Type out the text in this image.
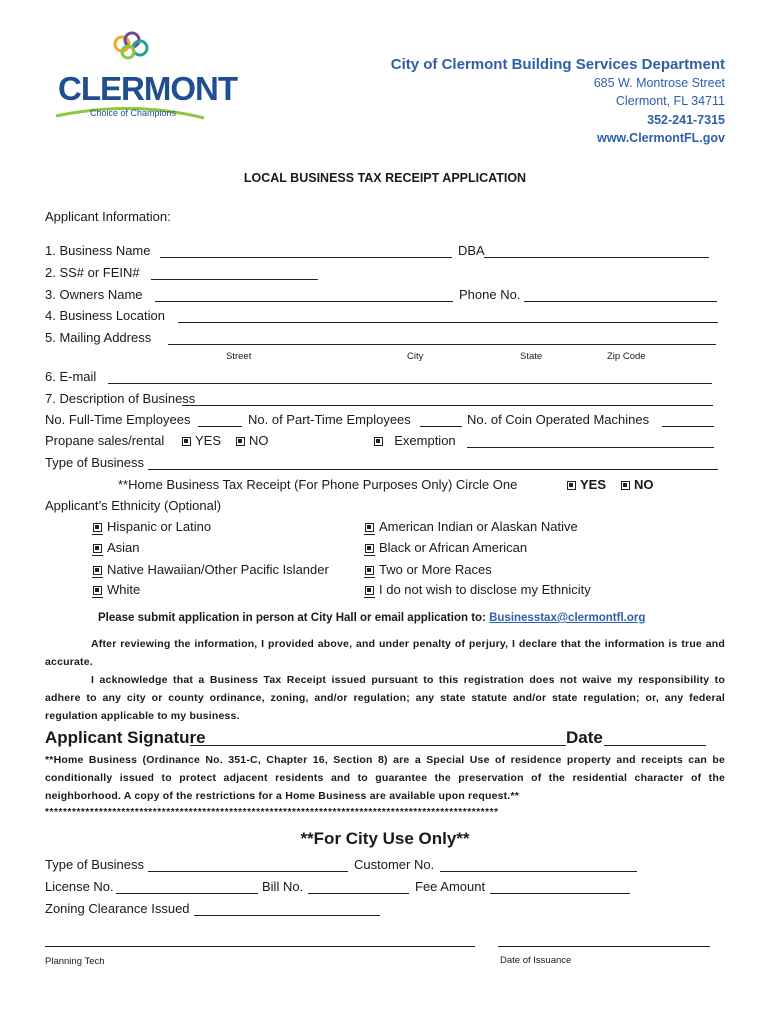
CLERMONT
Choice of Champions
City of Clermont Building Services Department
685 W. Montrose Street
Clermont, FL 34711
352-241-7315
www.ClermontFL.gov
LOCAL BUSINESS TAX RECEIPT APPLICATION
Applicant Information:
1. Business Name	DBA
2. SS# or FEIN#
3. Owners Name	Phone No.
4. Business Location
5. Mailing Address
Street	City	State	Zip Code
6. E-mail
7. Description of Business
No. Full-Time Employees	No. of Part-Time Employees	No. of Coin Operated Machines
Propane sales/rental	YES	NO	Exemption
Type of Business
**Home Business Tax Receipt (For Phone Purposes Only) Circle One	YES	NO
Applicant’s Ethnicity (Optional)
Hispanic or Latino
Asian
Native Hawaiian/Other Pacific Islander
White
American Indian or Alaskan Native
Black or African American
Two or More Races
I do not wish to disclose my Ethnicity
Please submit application in person at City Hall or email application to: Businesstax@clermontfl.org
After reviewing the information, I provided above, and under penalty of perjury, I declare that the information is true and accurate.
I acknowledge that a Business Tax Receipt issued pursuant to this registration does not waive my responsibility to adhere to any city or county ordinance, zoning, and/or regulation; any state statute and/or state regulation; or, any federal regulation applicable to my business.
Applicant Signature	Date
**Home Business (Ordinance No. 351-C, Chapter 16, Section 8) are a Special Use of residence property and receipts can be conditionally issued to protect adjacent residents and to guarantee the preservation of the residential character of the neighborhood. A copy of the restrictions for a Home Business are available upon request.**
*****************************************************************************************************
**For City Use Only**
Type of Business	Customer No.
License No.	Bill No.	Fee Amount
Zoning Clearance Issued
Planning Tech	Date of Issuance
